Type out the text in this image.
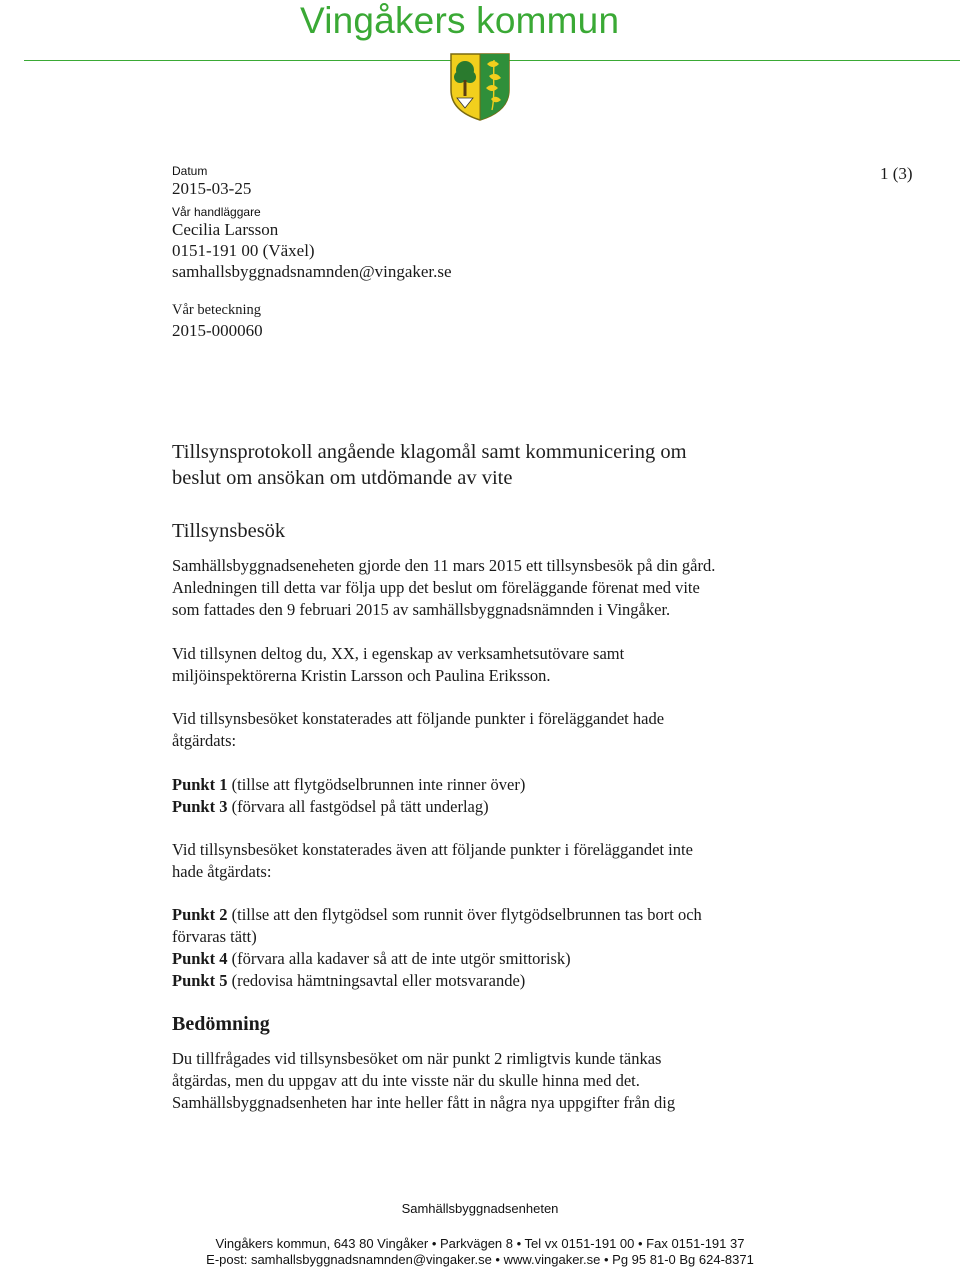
Vingåkers kommun
Datum
2015-03-25
Vår handläggare
Cecilia Larsson
0151-191 00 (Växel)
samhallsbyggnadsnamnden@vingaker.se
Vår beteckning
2015-000060
1 (3)
Tillsynsprotokoll angående klagomål samt kommunicering om
beslut om ansökan om utdömande av vite
Tillsynsbesök
Samhällsbyggnadseneheten gjorde den 11 mars 2015 ett tillsynsbesök på din gård.
Anledningen till detta var följa upp det beslut om föreläggande förenat med vite
som fattades den 9 februari 2015 av samhällsbyggnadsnämnden i Vingåker.
Vid tillsynen deltog du, XX, i egenskap av verksamhetsutövare samt
miljöinspektörerna Kristin Larsson och Paulina Eriksson.
Vid tillsynsbesöket konstaterades att följande punkter i föreläggandet hade
åtgärdats:
Punkt 1 (tillse att flytgödselbrunnen inte rinner över)
Punkt 3 (förvara all fastgödsel på tätt underlag)
Vid tillsynsbesöket konstaterades även att följande punkter i föreläggandet inte
hade åtgärdats:
Punkt 2 (tillse att den flytgödsel som runnit över flytgödselbrunnen tas bort och
förvaras tätt)
Punkt 4 (förvara alla kadaver så att de inte utgör smittorisk)
Punkt 5 (redovisa hämtningsavtal eller motsvarande)
Bedömning
Du tillfrågades vid tillsynsbesöket om när punkt 2 rimligtvis kunde tänkas
åtgärdas, men du uppgav att du inte visste när du skulle hinna med det.
Samhällsbyggnadsenheten har inte heller fått in några nya uppgifter från dig
Samhällsbyggnadsenheten
Vingåkers kommun, 643 80 Vingåker • Parkvägen 8 • Tel vx 0151-191 00 • Fax 0151-191 37
E-post: samhallsbyggnadsnamnden@vingaker.se • www.vingaker.se • Pg 95 81-0 Bg 624-8371
